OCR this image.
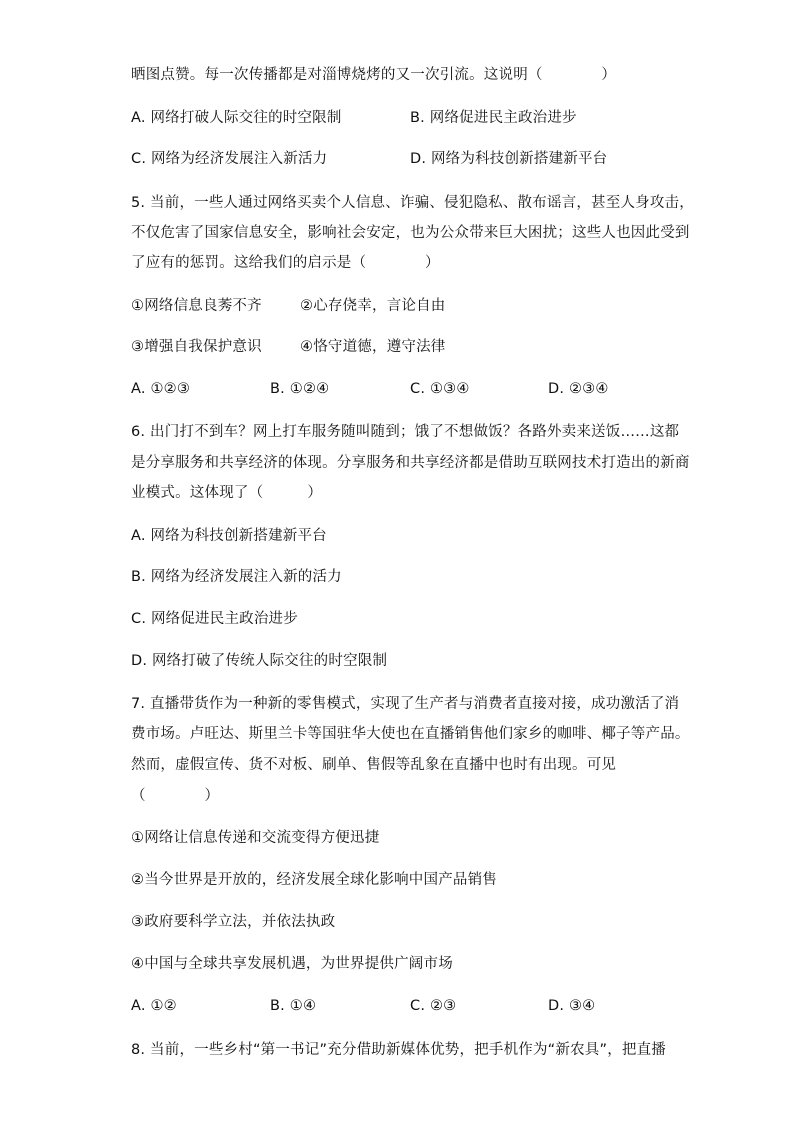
晒图点赞。每一次传播都是对淄博烧烤的又一次引流。这说明（　　　　）
A. 网络打破人际交往的时空限制	B. 网络促进民主政治进步
C. 网络为经济发展注入新活力	D. 网络为科技创新搭建新平台
5. 当前，一些人通过网络买卖个人信息、诈骗、侵犯隐私、散布谣言，甚至人身攻击，
不仅危害了国家信息安全，影响社会安定，也为公众带来巨大困扰；这些人也因此受到
了应有的惩罚。这给我们的启示是（　　　　）
①网络信息良莠不齐	②心存侥幸，言论自由
③增强自我保护意识	④恪守道德，遵守法律
A. ①②③	B. ①②④	C. ①③④	D. ②③④
6. 出门打不到车？网上打车服务随叫随到；饿了不想做饭？各路外卖来送饭……这都
是分享服务和共享经济的体现。分享服务和共享经济都是借助互联网技术打造出的新商
业模式。这体现了（　　　）
A. 网络为科技创新搭建新平台
B. 网络为经济发展注入新的活力
C. 网络促进民主政治进步
D. 网络打破了传统人际交往的时空限制
7. 直播带货作为一种新的零售模式，实现了生产者与消费者直接对接，成功激活了消
费市场。卢旺达、斯里兰卡等国驻华大使也在直播销售他们家乡的咖啡、椰子等产品。
然而，虚假宣传、货不对板、刷单、售假等乱象在直播中也时有出现。可见
（　　　　）
①网络让信息传递和交流变得方便迅捷
②当今世界是开放的，经济发展全球化影响中国产品销售
③政府要科学立法，并依法执政
④中国与全球共享发展机遇，为世界提供广阔市场
A. ①②	B. ①④	C. ②③	D. ③④
8. 当前，一些乡村“第一书记”充分借助新媒体优势，把手机作为“新农具”，把直播
